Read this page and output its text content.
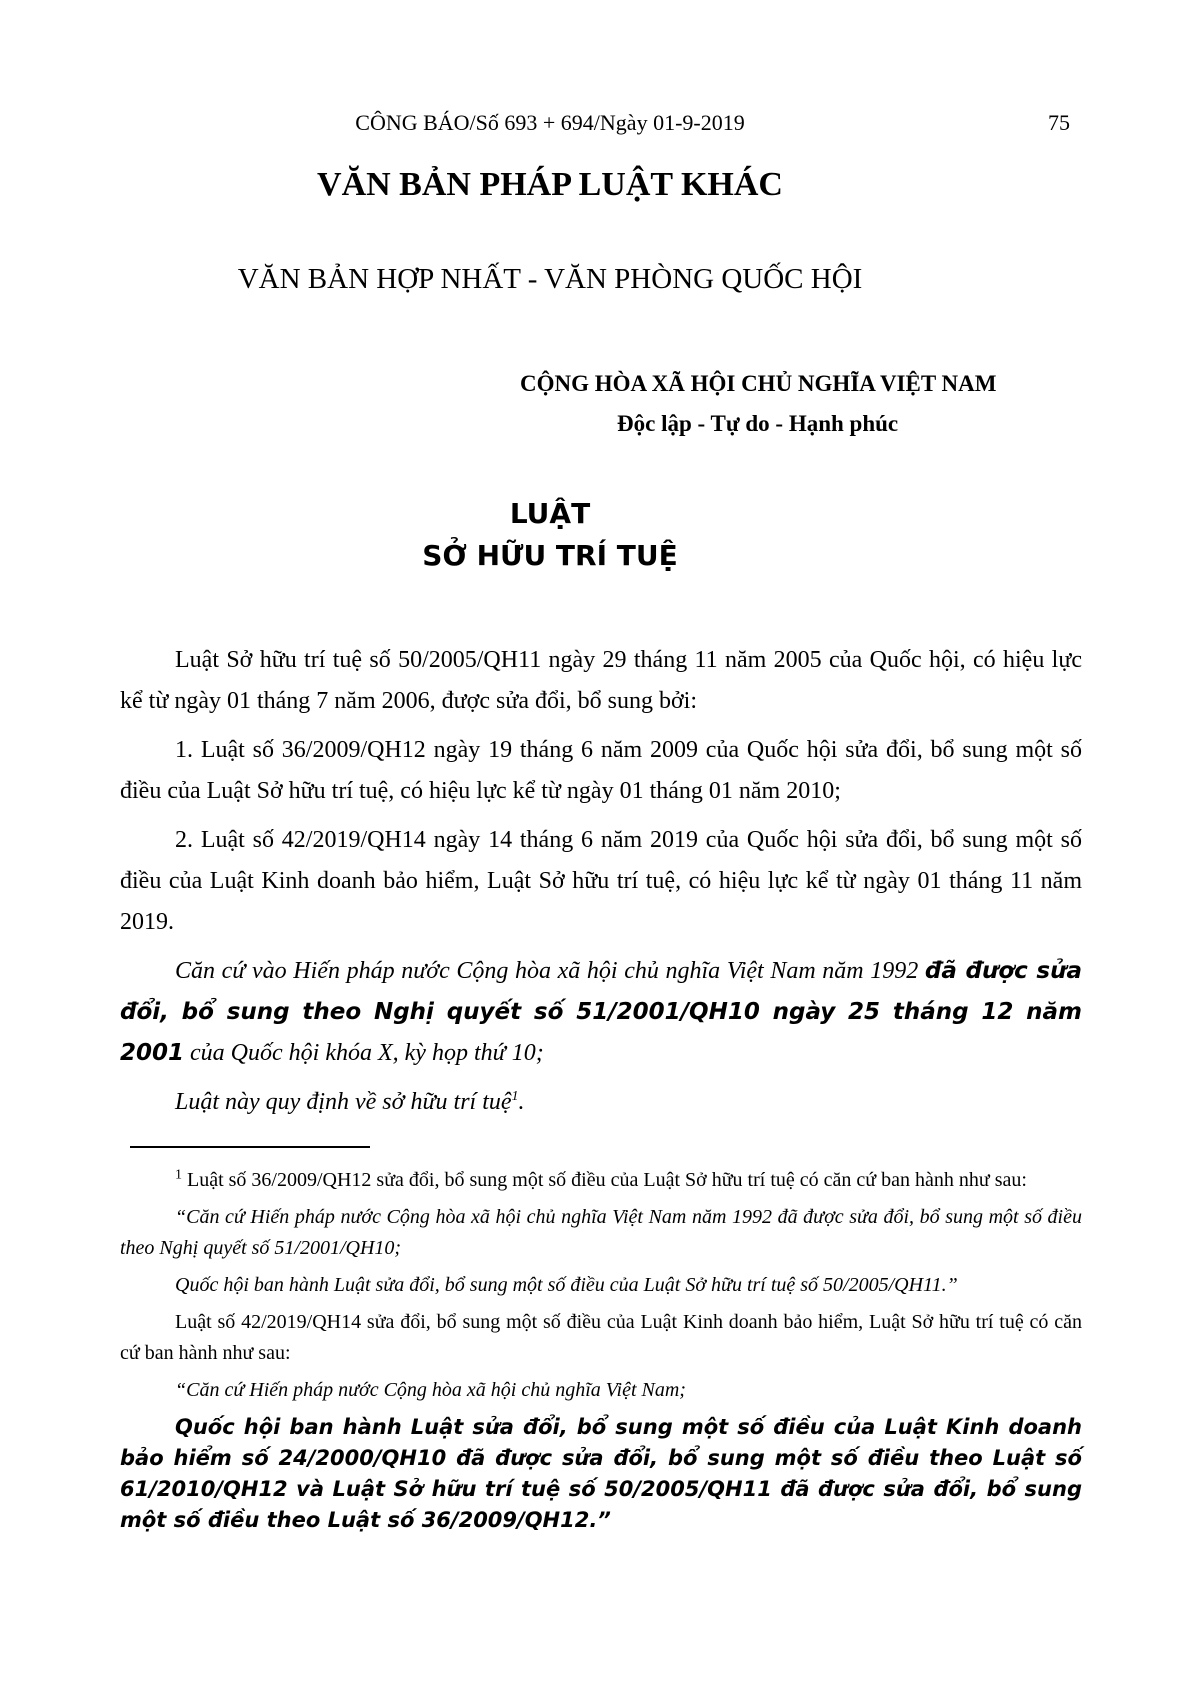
CÔNG BÁO/Số 693 + 694/Ngày 01-9-2019	75
VĂN BẢN PHÁP LUẬT KHÁC
VĂN BẢN HỢP NHẤT - VĂN PHÒNG QUỐC HỘI
CỘNG HÒA XÃ HỘI CHỦ NGHĨA VIỆT NAM
Độc lập - Tự do - Hạnh phúc
LUẬT
SỞ HỮU TRÍ TUỆ

Luật Sở hữu trí tuệ số 50/2005/QH11 ngày 29 tháng 11 năm 2005 của Quốc hội, có hiệu lực kể từ ngày 01 tháng 7 năm 2006, được sửa đổi, bổ sung bởi:

1. Luật số 36/2009/QH12 ngày 19 tháng 6 năm 2009 của Quốc hội sửa đổi, bổ sung một số điều của Luật Sở hữu trí tuệ, có hiệu lực kể từ ngày 01 tháng 01 năm 2010;

2. Luật số 42/2019/QH14 ngày 14 tháng 6 năm 2019 của Quốc hội sửa đổi, bổ sung một số điều của Luật Kinh doanh bảo hiểm, Luật Sở hữu trí tuệ, có hiệu lực kể từ ngày 01 tháng 11 năm 2019.

Căn cứ vào Hiến pháp nước Cộng hòa xã hội chủ nghĩa Việt Nam năm 1992 đã được sửa đổi, bổ sung theo Nghị quyết số 51/2001/QH10 ngày 25 tháng 12 năm 2001 của Quốc hội khóa X, kỳ họp thứ 10;

Luật này quy định về sở hữu trí tuệ$^1$.

$^1$ Luật số 36/2009/QH12 sửa đổi, bổ sung một số điều của Luật Sở hữu trí tuệ có căn cứ ban hành như sau:

“Căn cứ Hiến pháp nước Cộng hòa xã hội chủ nghĩa Việt Nam năm 1992 đã được sửa đổi, bổ sung một số điều theo Nghị quyết số 51/2001/QH10;

Quốc hội ban hành Luật sửa đổi, bổ sung một số điều của Luật Sở hữu trí tuệ số 50/2005/QH11.”

Luật số 42/2019/QH14 sửa đổi, bổ sung một số điều của Luật Kinh doanh bảo hiểm, Luật Sở hữu trí tuệ có căn cứ ban hành như sau:

“Căn cứ Hiến pháp nước Cộng hòa xã hội chủ nghĩa Việt Nam;

Quốc hội ban hành Luật sửa đổi, bổ sung một số điều của Luật Kinh doanh bảo hiểm số 24/2000/QH10 đã được sửa đổi, bổ sung một số điều theo Luật số 61/2010/QH12 và Luật Sở hữu trí tuệ số 50/2005/QH11 đã được sửa đổi, bổ sung một số điều theo Luật số 36/2009/QH12.”
